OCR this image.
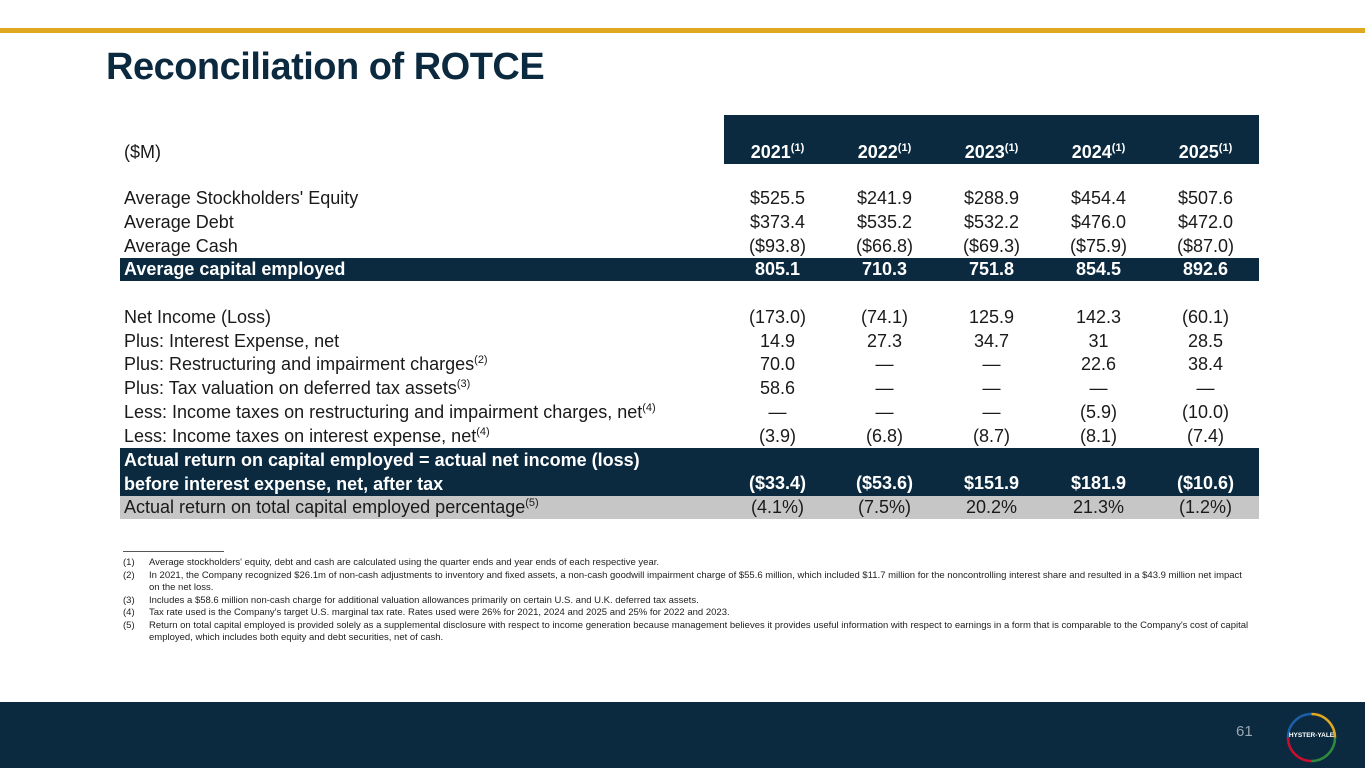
Reconciliation of ROTCE
($M)	2021$^{(1)}$	2022$^{(1)}$	2023$^{(1)}$	2024$^{(1)}$	2025$^{(1)}$
Average Stockholders' Equity	$525.5	$241.9	$288.9	$454.4	$507.6
Average Debt	$373.4	$535.2	$532.2	$476.0	$472.0
Average Cash	($93.8)	($66.8)	($69.3)	($75.9)	($87.0)
Average capital employed	805.1	710.3	751.8	854.5	892.6
Net Income (Loss)	(173.0)	(74.1)	125.9	142.3	(60.1)
Plus: Interest Expense, net	14.9	27.3	34.7	31	28.5
Plus: Restructuring and impairment charges$^{(2)}$	70.0	—	—	22.6	38.4
Plus: Tax valuation on deferred tax assets$^{(3)}$	58.6	—	—	—	—
Less: Income taxes on restructuring and impairment charges, net$^{(4)}$	—	—	—	(5.9)	(10.0)
Less: Income taxes on interest expense, net$^{(4)}$	(3.9)	(6.8)	(8.7)	(8.1)	(7.4)
Actual return on capital employed = actual net income (loss) before interest expense, net, after tax	($33.4)	($53.6)	$151.9	$181.9	($10.6)
Actual return on total capital employed percentage$^{(5)}$	(4.1%)	(7.5%)	20.2%	21.3%	(1.2%)
(1)	Average stockholders' equity, debt and cash are calculated using the quarter ends and year ends of each respective year.
(2)	In 2021, the Company recognized $26.1m of non-cash adjustments to inventory and fixed assets, a non-cash goodwill impairment charge of $55.6 million, which included $11.7 million for the noncontrolling interest share and resulted in a $43.9 million net impact on the net loss.
(3)	Includes a $58.6 million non-cash charge for additional valuation allowances primarily on certain U.S. and U.K. deferred tax assets.
(4)	Tax rate used is the Company's target U.S. marginal tax rate. Rates used were 26% for 2021, 2024 and 2025 and 25% for 2022 and 2023.
(5)	Return on total capital employed is provided solely as a supplemental disclosure with respect to income generation because management believes it provides useful information with respect to earnings in a form that is comparable to the Company's cost of capital employed, which includes both equity and debt securities, net of cash.
61	HYSTER-YALE
